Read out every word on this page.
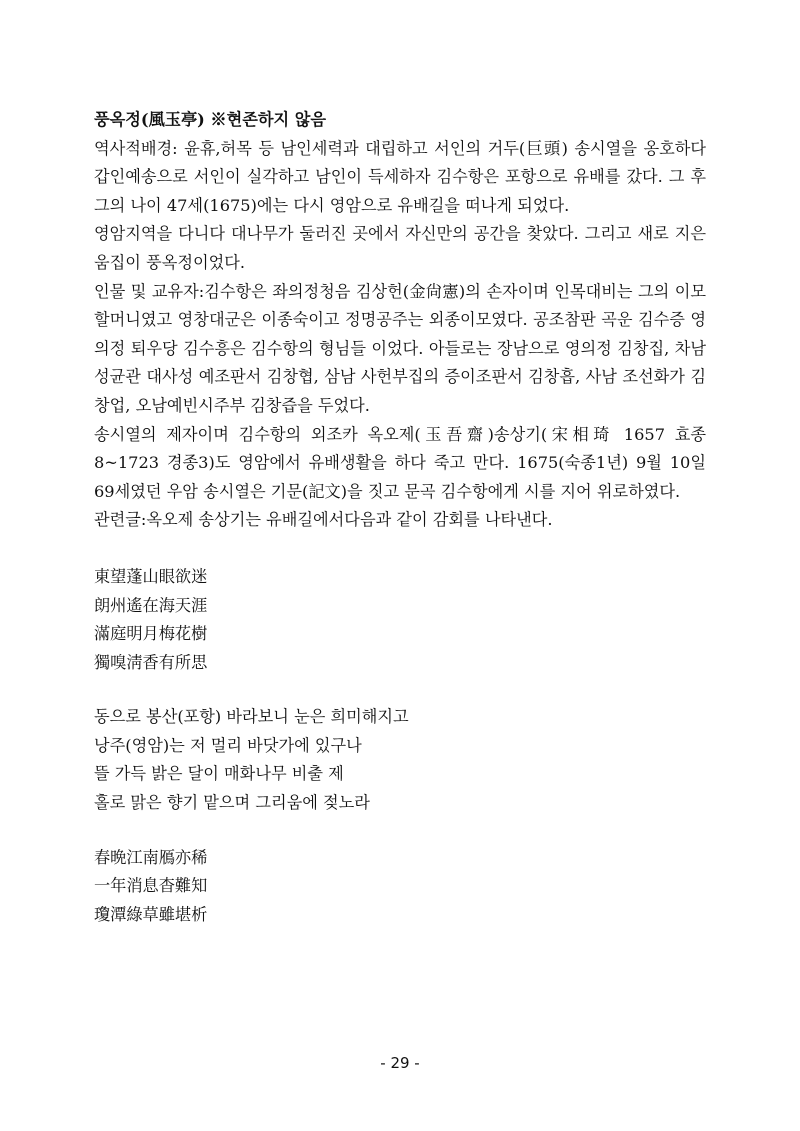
풍옥정(風玉亭) ※현존하지 않음
역사적배경: 윤휴,허목 등 남인세력과 대립하고 서인의 거두(巨頭) 송시열을 옹호하다 갑인예송으로 서인이 실각하고 남인이 득세하자 김수항은 포항으로 유배를 갔다. 그 후 그의 나이 47세(1675)에는 다시 영암으로 유배길을 떠나게 되었다.
영암지역을 다니다 대나무가 둘러진 곳에서 자신만의 공간을 찾았다. 그리고 새로 지은 움집이 풍옥정이었다.
인물 및 교유자:김수항은 좌의정청음 김상헌(金尙憲)의 손자이며 인목대비는 그의 이모할머니였고 영창대군은 이종숙이고 정명공주는 외종이모였다. 공조참판 곡운 김수증 영의정 퇴우당 김수흥은 김수항의 형님들 이었다. 아들로는 장남으로 영의정 김창집, 차남 성균관 대사성 예조판서 김창협, 삼남 사헌부집의 증이조판서 김창흡, 사남 조선화가 김창업, 오남예빈시주부 김창즙을 두었다.
송시열의 제자이며 김수항의 외조카 옥오제(玉吾齋)송상기(宋相琦 1657 효종8~1723 경종3)도 영암에서 유배생활을 하다 죽고 만다. 1675(숙종1년) 9월 10일 69세였던 우암 송시열은 기문(記文)을 짓고 문곡 김수항에게 시를 지어 위로하였다.
관련글:옥오제 송상기는 유배길에서다음과 같이 감회를 나타낸다.
東望蓬山眼欲迷
朗州遙在海天涯
滿庭明月梅花樹
獨嗅淸香有所思
동으로 봉산(포항) 바라보니 눈은 희미해지고
낭주(영암)는 저 멀리 바닷가에 있구나
뜰 가득 밝은 달이 매화나무 비출 제
홀로 맑은 향기 맡으며 그리움에 젖노라
春晩江南鴈亦稀
一年消息杳難知
瓊潭綠草雖堪析
- 29 -
